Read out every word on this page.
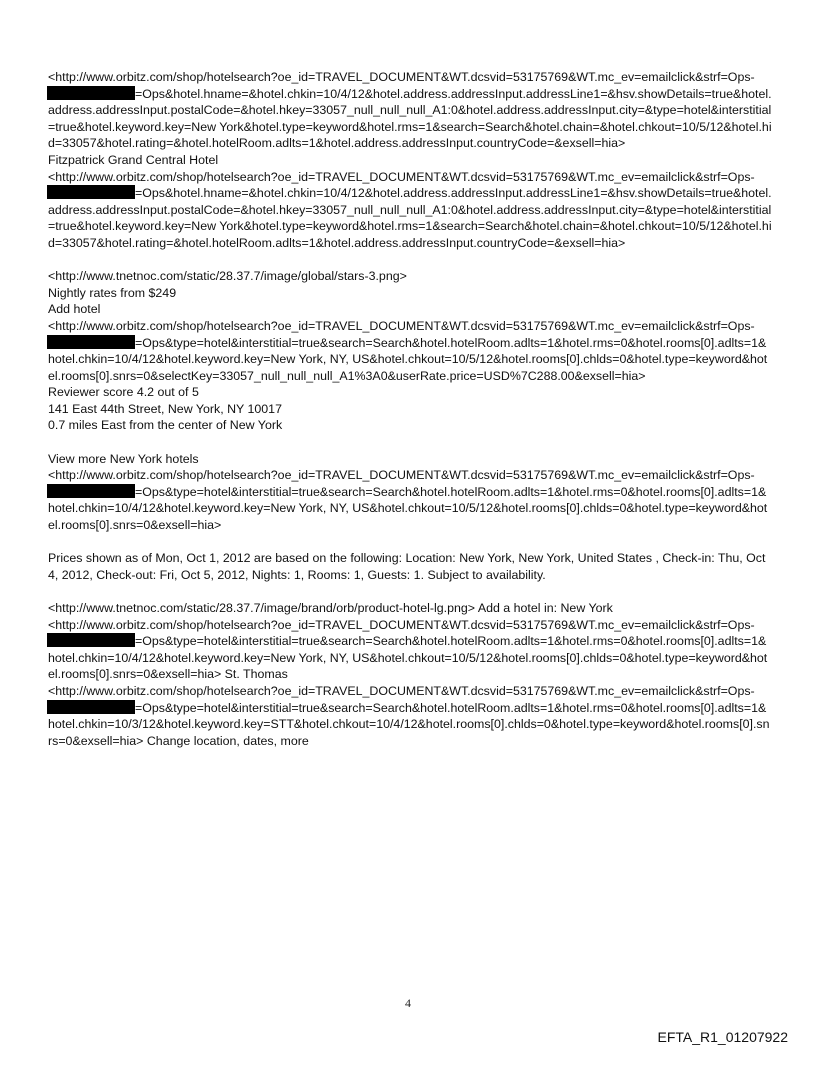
<http://www.orbitz.com/shop/hotelsearch?oe_id=TRAVEL_DOCUMENT&WT.dcsvid=53175769&WT.mc_ev=emailclick&strf=Ops-
=Ops&hotel.hname=&hotel.chkin=10/4/12&hotel.address.addressInput.addressLine1=&hsv.showDetails=true&hotel.address.addressInput.postalCode=&hotel.hkey=33057_null_null_null_A1:0&hotel.address.addressInput.city=&type=hotel&interstitial=true&hotel.keyword.key=New York&hotel.type=keyword&hotel.rms=1&search=Search&hotel.chain=&hotel.chkout=10/5/12&hotel.hid=33057&hotel.rating=&hotel.hotelRoom.adlts=1&hotel.address.addressInput.countryCode=&exsell=hia>
Fitzpatrick Grand Central Hotel
<http://www.orbitz.com/shop/hotelsearch?oe_id=TRAVEL_DOCUMENT&WT.dcsvid=53175769&WT.mc_ev=emailclick&strf=Ops-
=Ops&hotel.hname=&hotel.chkin=10/4/12&hotel.address.addressInput.addressLine1=&hsv.showDetails=true&hotel.address.addressInput.postalCode=&hotel.hkey=33057_null_null_null_A1:0&hotel.address.addressInput.city=&type=hotel&interstitial=true&hotel.keyword.key=New York&hotel.type=keyword&hotel.rms=1&search=Search&hotel.chain=&hotel.chkout=10/5/12&hotel.hid=33057&hotel.rating=&hotel.hotelRoom.adlts=1&hotel.address.addressInput.countryCode=&exsell=hia>
<http://www.tnetnoc.com/static/28.37.7/image/global/stars-3.png>
Nightly rates from $249
Add hotel
<http://www.orbitz.com/shop/hotelsearch?oe_id=TRAVEL_DOCUMENT&WT.dcsvid=53175769&WT.mc_ev=emailclick&strf=Ops-
=Ops&type=hotel&interstitial=true&search=Search&hotel.hotelRoom.adlts=1&hotel.rms=0&hotel.rooms[0].adlts=1&hotel.chkin=10/4/12&hotel.keyword.key=New York, NY, US&hotel.chkout=10/5/12&hotel.rooms[0].chlds=0&hotel.type=keyword&hotel.rooms[0].snrs=0&selectKey=33057_null_null_null_A1%3A0&userRate.price=USD%7C288.00&exsell=hia>
Reviewer score 4.2 out of 5
141 East 44th Street, New York, NY 10017
0.7 miles East from the center of New York
View more New York hotels
<http://www.orbitz.com/shop/hotelsearch?oe_id=TRAVEL_DOCUMENT&WT.dcsvid=53175769&WT.mc_ev=emailclick&strf=Ops-
=Ops&type=hotel&interstitial=true&search=Search&hotel.hotelRoom.adlts=1&hotel.rms=0&hotel.rooms[0].adlts=1&hotel.chkin=10/4/12&hotel.keyword.key=New York, NY, US&hotel.chkout=10/5/12&hotel.rooms[0].chlds=0&hotel.type=keyword&hotel.rooms[0].snrs=0&exsell=hia>
Prices shown as of Mon, Oct 1, 2012 are based on the following: Location: New York, New York, United States , Check-in: Thu, Oct 4, 2012, Check-out: Fri, Oct 5, 2012, Nights: 1, Rooms: 1, Guests: 1. Subject to availability.
<http://www.tnetnoc.com/static/28.37.7/image/brand/orb/product-hotel-lg.png> Add a hotel in: New York
<http://www.orbitz.com/shop/hotelsearch?oe_id=TRAVEL_DOCUMENT&WT.dcsvid=53175769&WT.mc_ev=emailclick&strf=Ops-
=Ops&type=hotel&interstitial=true&search=Search&hotel.hotelRoom.adlts=1&hotel.rms=0&hotel.rooms[0].adlts=1&hotel.chkin=10/4/12&hotel.keyword.key=New York, NY, US&hotel.chkout=10/5/12&hotel.rooms[0].chlds=0&hotel.type=keyword&hotel.rooms[0].snrs=0&exsell=hia> St. Thomas
<http://www.orbitz.com/shop/hotelsearch?oe_id=TRAVEL_DOCUMENT&WT.dcsvid=53175769&WT.mc_ev=emailclick&strf=Ops-
=Ops&type=hotel&interstitial=true&search=Search&hotel.hotelRoom.adlts=1&hotel.rms=0&hotel.rooms[0].adlts=1&hotel.chkin=10/3/12&hotel.keyword.key=STT&hotel.chkout=10/4/12&hotel.rooms[0].chlds=0&hotel.type=keyword&hotel.rooms[0].snrs=0&exsell=hia> Change location, dates, more
4
EFTA_R1_01207922
